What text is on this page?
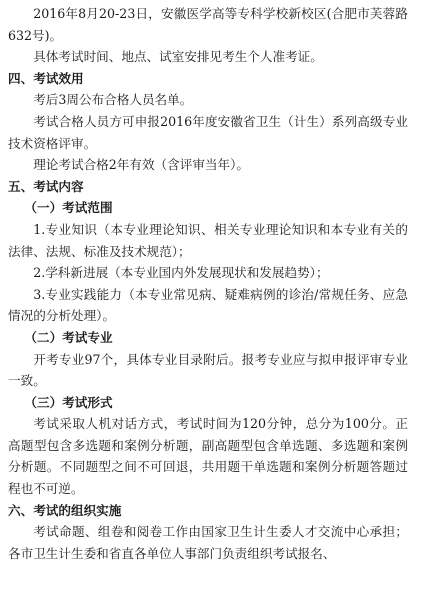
2016年8月20-23日，安徽医学高等专科学校新校区(合肥市芙蓉路632号)。

具体考试时间、地点、试室安排见考生个人准考证。

四、考试效用

考后3周公布合格人员名单。

考试合格人员方可申报2016年度安徽省卫生（计生）系列高级专业技术资格评审。

理论考试合格2年有效（含评审当年）。

五、考试内容

（一）考试范围

1.专业知识（本专业理论知识、相关专业理论知识和本专业有关的法律、法规、标准及技术规范）；

2.学科新进展（本专业国内外发展现状和发展趋势）；

3.专业实践能力（本专业常见病、疑难病例的诊治/常规任务、应急情况的分析处理）。

（二）考试专业

开考专业97个，具体专业目录附后。报考专业应与拟申报评审专业一致。

（三）考试形式

考试采取人机对话方式，考试时间为120分钟，总分为100分。正高题型包含多选题和案例分析题，副高题型包含单选题、多选题和案例分析题。不同题型之间不可回退，共用题干单选题和案例分析题答题过程也不可逆。

六、考试的组织实施

考试命题、组卷和阅卷工作由国家卫生计生委人才交流中心承担；各市卫生计生委和省直各单位人事部门负责组织考试报名、
